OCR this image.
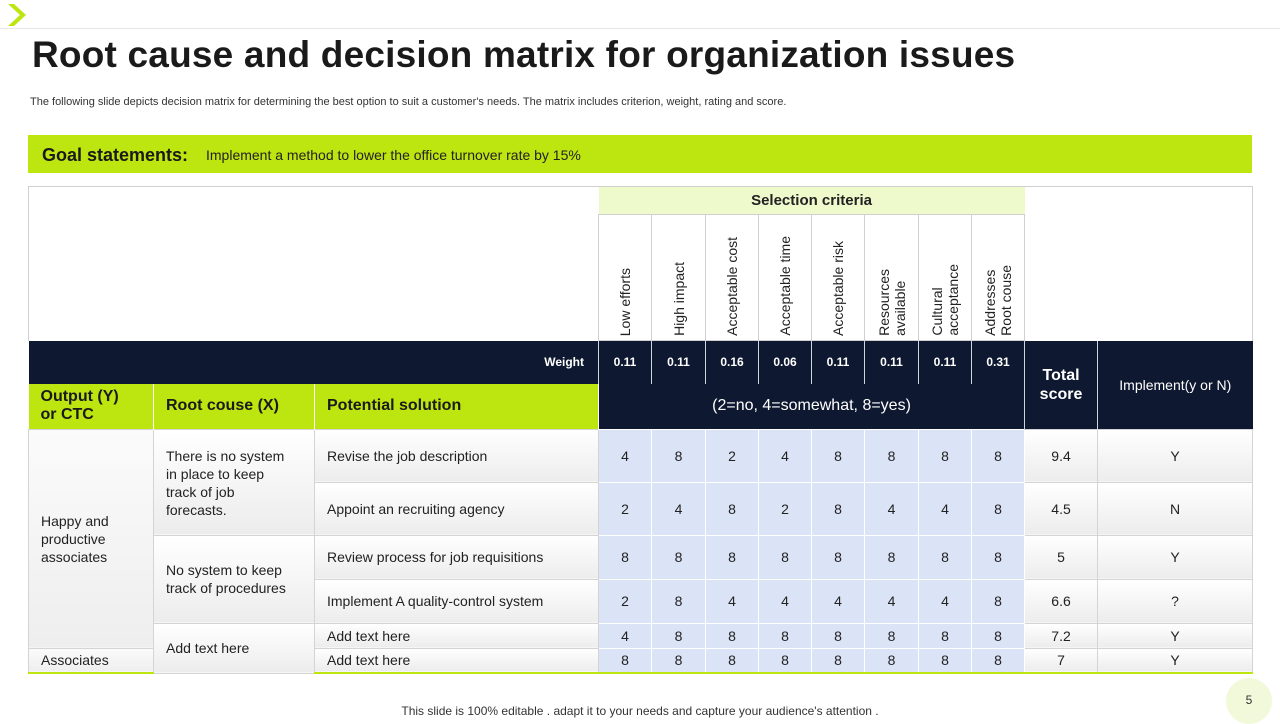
Root cause and decision matrix for organization issues
The following slide depicts decision matrix for determining the best option to suit a customer's needs. The matrix includes criterion, weight, rating and score.
Goal statements: Implement a method to lower the office turnover rate by 15%
			Selection criteria									

			Low efforts	High impact	Acceptable cost	Acceptable time	Acceptable risk	Resources
available	Cultural
acceptance	Addresses
Root couse		

Weight			0.11	0.11	0.16	0.06	0.11	0.11	0.11	0.31	Total
score	Implement(y or N)
Output (Y)
or CTC	Root couse (X)	Potential solution	(2=no, 4=somewhat, 8=yes)									
Happy and
productive
associates	There is no system
in place to keep
track of job
forecasts.	Revise the job description	4	8	2	4	8	8	8	8	9.4	Y
		Appoint an recruiting agency	2	4	8	2	8	4	4	8	4.5	N
	No system to keep
track of procedures	Review process for job requisitions	8	8	8	8	8	8	8	8	5	Y
		Implement A quality-control system	2	8	4	4	4	4	4	8	6.6	?
	Add text here	Add text here	4	8	8	8	8	8	8	8	7.2	Y
Associates		Add text here	8	8	8	8	8	8	8	8	7	Y
This slide is 100% editable . adapt it to your needs and capture your audience's attention .
5
